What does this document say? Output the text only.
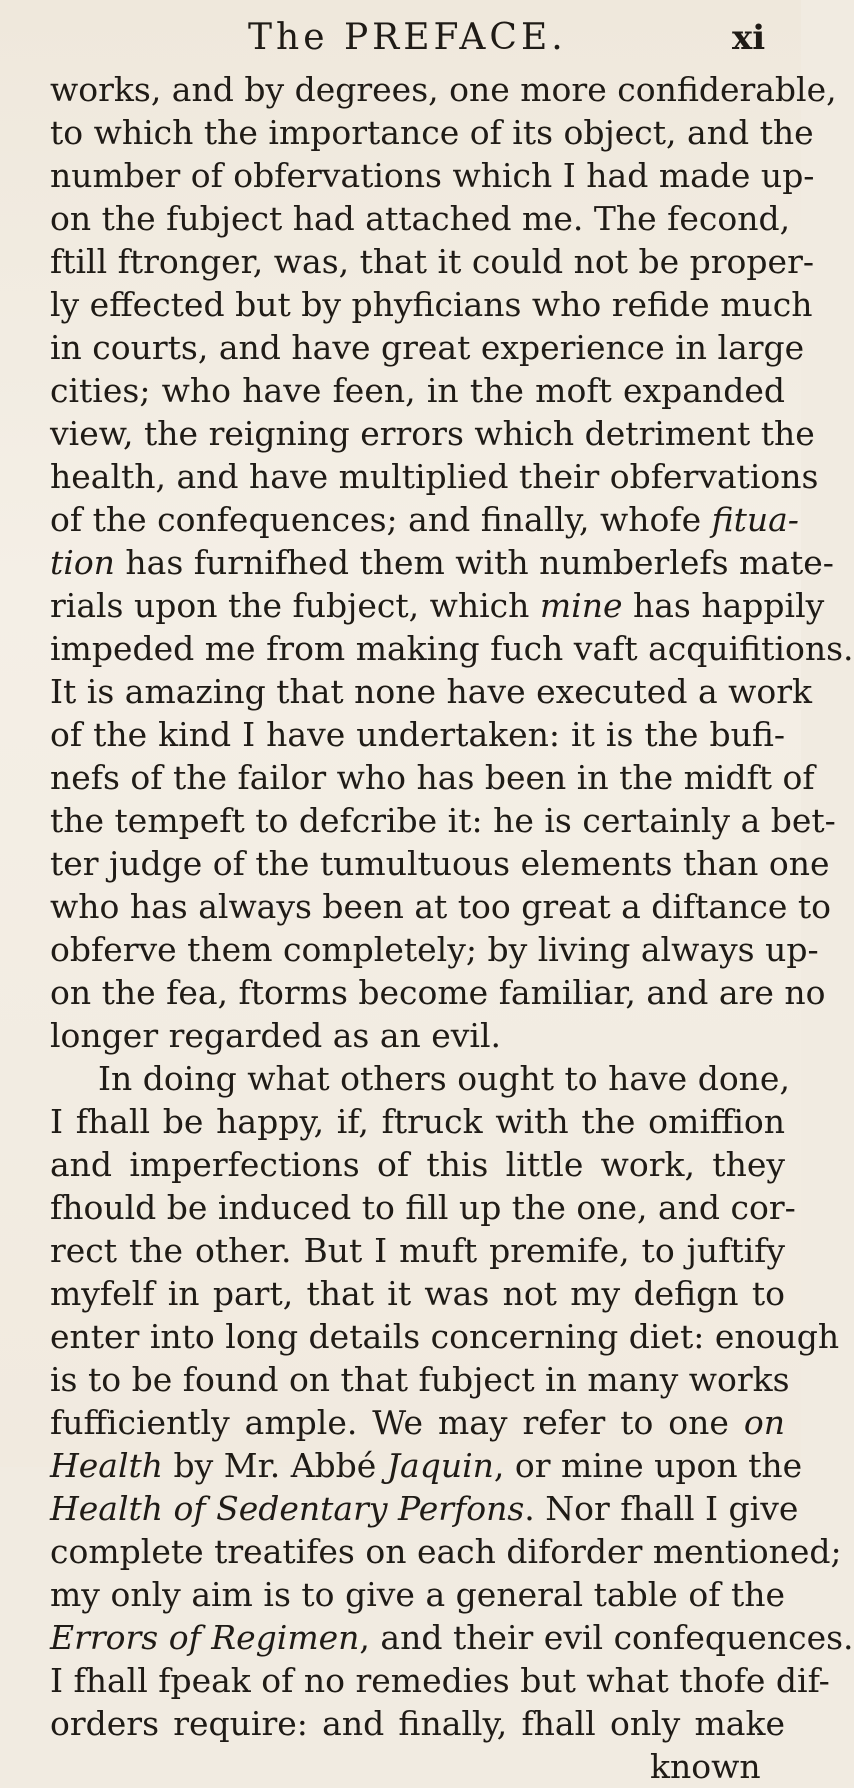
The PREFACE.	xi
works, and by degrees, one more confiderable,
to which the importance of its object, and the
number of obfervations which I had made up-
on the fubject had attached me. The fecond,
ftill ftronger, was, that it could not be proper-
ly effected but by phyficians who refide much
in courts, and have great experience in large
cities; who have feen, in the moft expanded
view, the reigning errors which detriment the
health, and have multiplied their obfervations
of the confequences; and finally, whofe fitua-
tion has furnifhed them with numberlefs mate-
rials upon the fubject, which mine has happily
impeded me from making fuch vaft acquifitions.
It is amazing that none have executed a work
of the kind I have undertaken: it is the bufi-
nefs of the failor who has been in the midft of
the tempeft to defcribe it: he is certainly a bet-
ter judge of the tumultuous elements than one
who has always been at too great a diftance to
obferve them completely; by living always up-
on the fea, ftorms become familiar, and are no
longer regarded as an evil.
In doing what others ought to have done,
I fhall be happy, if, ftruck with the omiffion
and imperfections of this little work, they
fhould be induced to fill up the one, and cor-
rect the other. But I muft premife, to juftify
myfelf in part, that it was not my defign to
enter into long details concerning diet: enough
is to be found on that fubject in many works
fufficiently ample. We may refer to one on
Health by Mr. Abbé Jaquin, or mine upon the
Health of Sedentary Perfons. Nor fhall I give
complete treatifes on each diforder mentioned;
my only aim is to give a general table of the
Errors of Regimen, and their evil confequences.
I fhall fpeak of no remedies but what thofe dif-
orders require: and finally, fhall only make
known
